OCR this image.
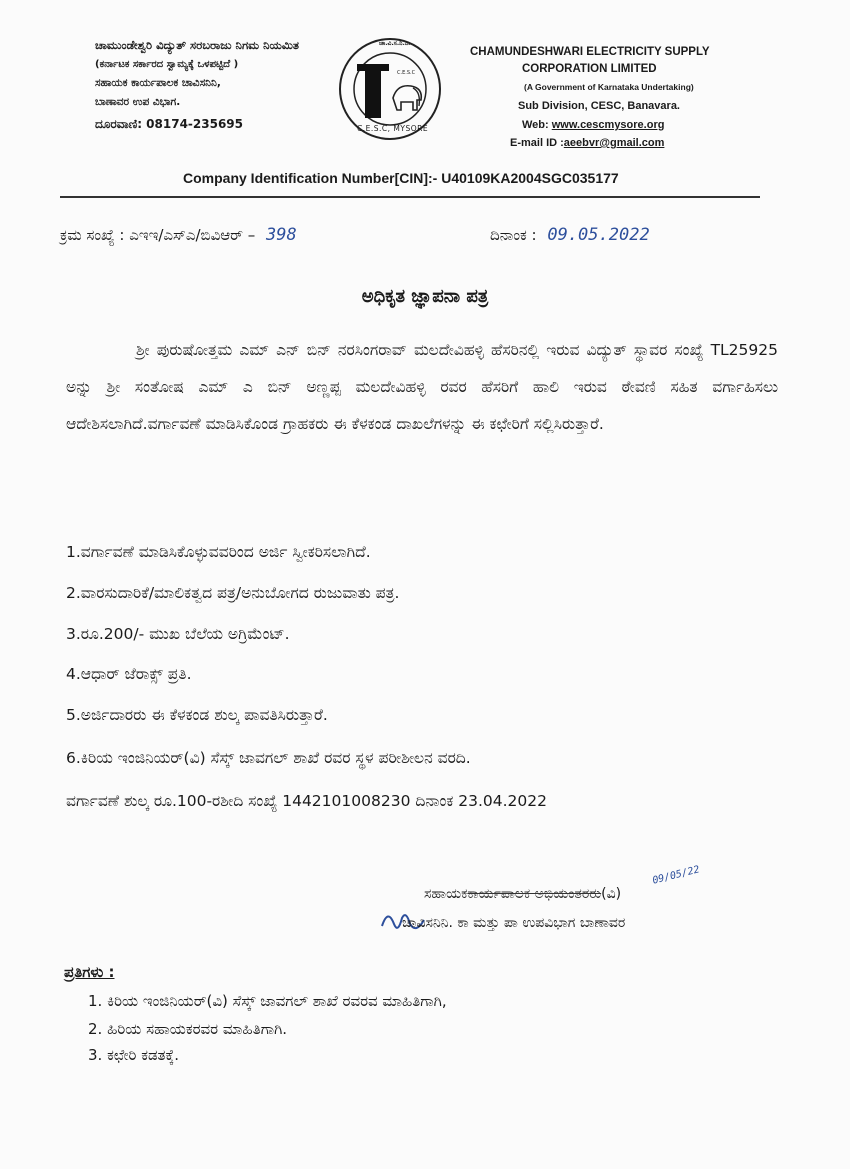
ಚಾಮುಂಡೇಶ್ವರಿ ವಿದ್ಯುತ್ ಸರಬರಾಜು ನಿಗಮ ನಿಯಮಿತ
(ಕರ್ನಾಟಕ ಸರ್ಕಾರದ ಸ್ವಾಮ್ಯಕ್ಕೆ ಒಳಪಟ್ಟಿದೆ )
ಸಹಾಯಕ ಕಾರ್ಯಪಾಲಕ ಚಾವಿಸನಿನಿ,
ಬಾಣಾವರ ಉಪ ವಿಭಾಗ.
ದೂರವಾಣಿ: 08174-235695
ಚಾ.ವಿ.ಸ.ನಿ.ನಿ.
C.E.S.C
C.E.S.C, MYSORE
CHAMUNDESHWARI ELECTRICITY SUPPLY
CORPORATION LIMITED
(A Government of Karnataka Undertaking)
Sub Division, CESC, Banavara.
Web: www.cescmysore.org
E-mail ID :aeebvr@gmail.com
Company Identification Number[CIN]:- U40109KA2004SGC035177
ಕ್ರಮ ಸಂಖ್ಯೆ : ಎಇಇ/ಎಸ್‌ಎ/ಬಿವಿಆರ್ – 398	ದಿನಾಂಕ : 09.05.2022
ಅಧಿಕೃತ ಜ್ಞಾಪನಾ ಪತ್ರ
ಶ್ರೀ ಪುರುಷೋತ್ತಮ ಎಮ್ ಎನ್ ಬಿನ್ ನರಸಿಂಗರಾವ್ ಮಲದೇವಿಹಳ್ಳಿ ಹೆಸರಿನಲ್ಲಿ ಇರುವ ವಿದ್ಯುತ್ ಸ್ಥಾವರ ಸಂಖ್ಯೆ TL25925 ಅನ್ನು ಶ್ರೀ ಸಂತೋಷ ಎಮ್ ಎ ಬಿನ್ ಅಣ್ಣಪ್ಪ ಮಲದೇವಿಹಳ್ಳಿ ರವರ ಹೆಸರಿಗೆ ಹಾಲಿ ಇರುವ ಠೇವಣಿ ಸಹಿತ ವರ್ಗಾಹಿಸಲು ಆದೇಶಿಸಲಾಗಿದೆ.ವರ್ಗಾವಣೆ ಮಾಡಿಸಿಕೊಂಡ ಗ್ರಾಹಕರು ಈ ಕೆಳಕಂಡ ದಾಖಲೆಗಳನ್ನು ಈ ಕಛೇರಿಗೆ ಸಲ್ಲಿಸಿರುತ್ತಾರೆ.
1.ವರ್ಗಾವಣೆ ಮಾಡಿಸಿಕೊಳ್ಳುವವರಿಂದ ಅರ್ಜಿ ಸ್ವೀಕರಿಸಲಾಗಿದೆ.
2.ವಾರಸುದಾರಿಕೆ/ಮಾಲಿಕತ್ವದ ಪತ್ರ/ಅನುಬೋಗದ ರುಜುವಾತು ಪತ್ರ.
3.ರೂ.200/- ಮುಖ ಬೆಲೆಯ ಅಗ್ರಿಮೆಂಟ್.
4.ಆಧಾರ್ ಜೆರಾಕ್ಸ್ ಪ್ರತಿ.
5.ಅರ್ಜಿದಾರರು ಈ ಕೆಳಕಂಡ ಶುಲ್ಕ ಪಾವತಿಸಿರುತ್ತಾರೆ.
6.ಕಿರಿಯ ಇಂಜಿನಿಯರ್(ವಿ) ಸೆಸ್ಕ್ ಜಾವಗಲ್ ಶಾಖೆ ರವರ ಸ್ಥಳ ಪರೀಶೀಲನ ವರದಿ.
ವರ್ಗಾವಣೆ ಶುಲ್ಕ ರೂ.100-ರಶೀದಿ ಸಂಖ್ಯೆ 1442101008230 ದಿನಾಂಕ 23.04.2022
ಸಹಾಯಕಕಾರ್ಯಪಾಲಕ ಅಭಿಯಂತರರು(ವಿ)
09/05/22
ಚಾವಿಸನಿನಿ. ಕಾ ಮತ್ತು ಪಾ ಉಪವಿಭಾಗ ಬಾಣಾವರ
ಪ್ರತಿಗಳು :
1. ಕಿರಿಯ ಇಂಜಿನಿಯರ್(ವಿ) ಸೆಸ್ಕ್ ಜಾವಗಲ್ ಶಾಖೆ ರವರವ ಮಾಹಿತಿಗಾಗಿ,
2. ಹಿರಿಯ ಸಹಾಯಕರವರ ಮಾಹಿತಿಗಾಗಿ.
3. ಕಛೇರಿ ಕಡತಕ್ಕೆ.
